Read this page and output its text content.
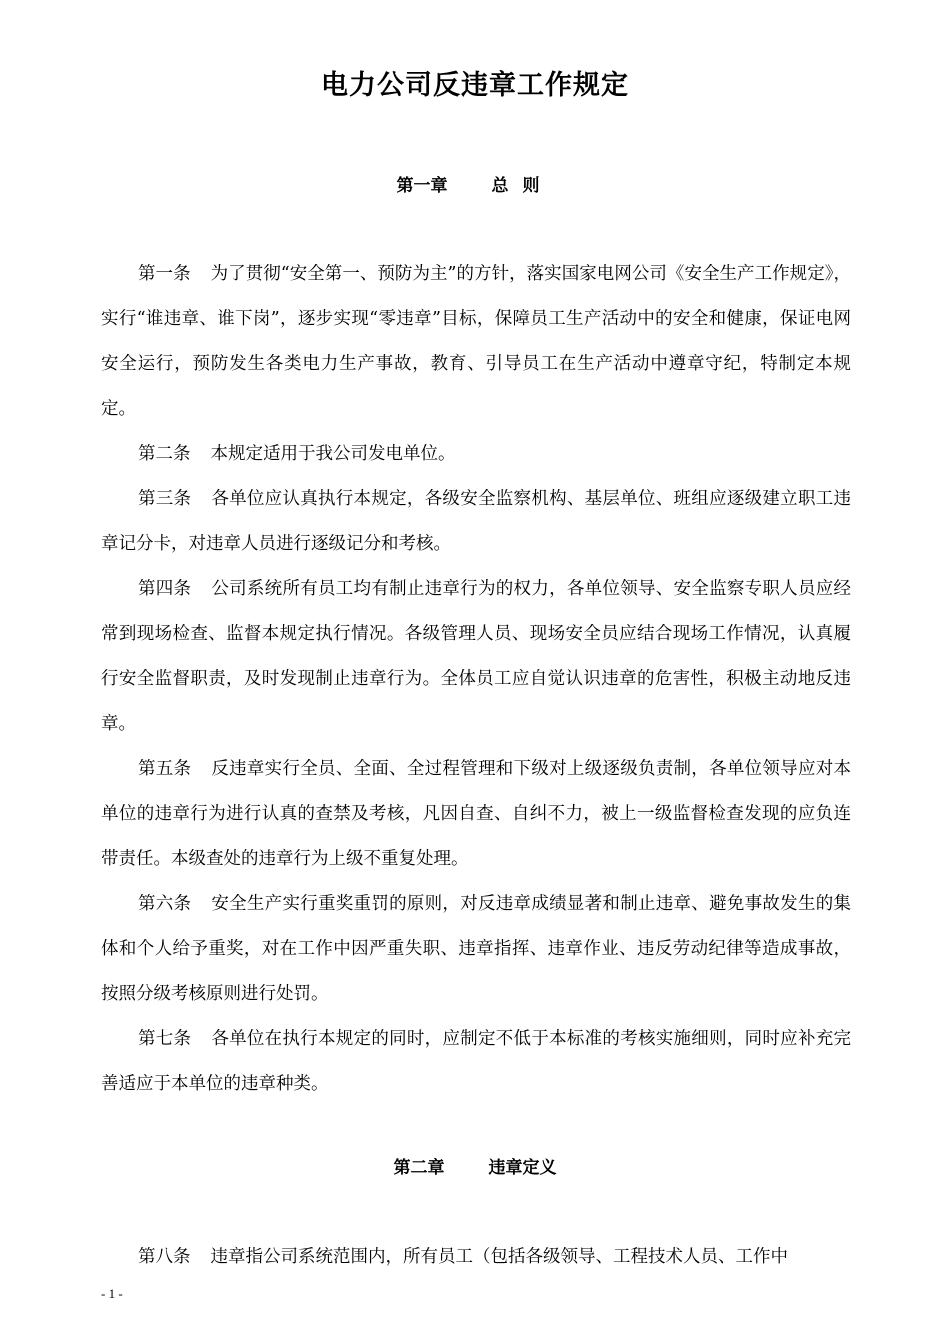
电力公司反违章工作规定
第一章	总则

第一条 为了贯彻“安全第一、预防为主”的方针，落实国家电网公司《安全生产工作规定》，实行“谁违章、谁下岗”，逐步实现“零违章”目标，保障员工生产活动中的安全和健康，保证电网安全运行，预防发生各类电力生产事故，教育、引导员工在生产活动中遵章守纪，特制定本规定。

第二条 本规定适用于我公司发电单位。

第三条 各单位应认真执行本规定，各级安全监察机构、基层单位、班组应逐级建立职工违章记分卡，对违章人员进行逐级记分和考核。

第四条 公司系统所有员工均有制止违章行为的权力，各单位领导、安全监察专职人员应经常到现场检查、监督本规定执行情况。各级管理人员、现场安全员应结合现场工作情况，认真履行安全监督职责，及时发现制止违章行为。全体员工应自觉认识违章的危害性，积极主动地反违章。

第五条 反违章实行全员、全面、全过程管理和下级对上级逐级负责制，各单位领导应对本单位的违章行为进行认真的查禁及考核，凡因自查、自纠不力，被上一级监督检查发现的应负连带责任。本级查处的违章行为上级不重复处理。

第六条 安全生产实行重奖重罚的原则，对反违章成绩显著和制止违章、避免事故发生的集体和个人给予重奖，对在工作中因严重失职、违章指挥、违章作业、违反劳动纪律等造成事故，按照分级考核原则进行处罚。

第七条 各单位在执行本规定的同时，应制定不低于本标准的考核实施细则，同时应补充完善适应于本单位的违章种类。

第二章	违章定义

第八条 违章指公司系统范围内，所有员工（包括各级领导、工程技术人员、工作中

- 1 -
